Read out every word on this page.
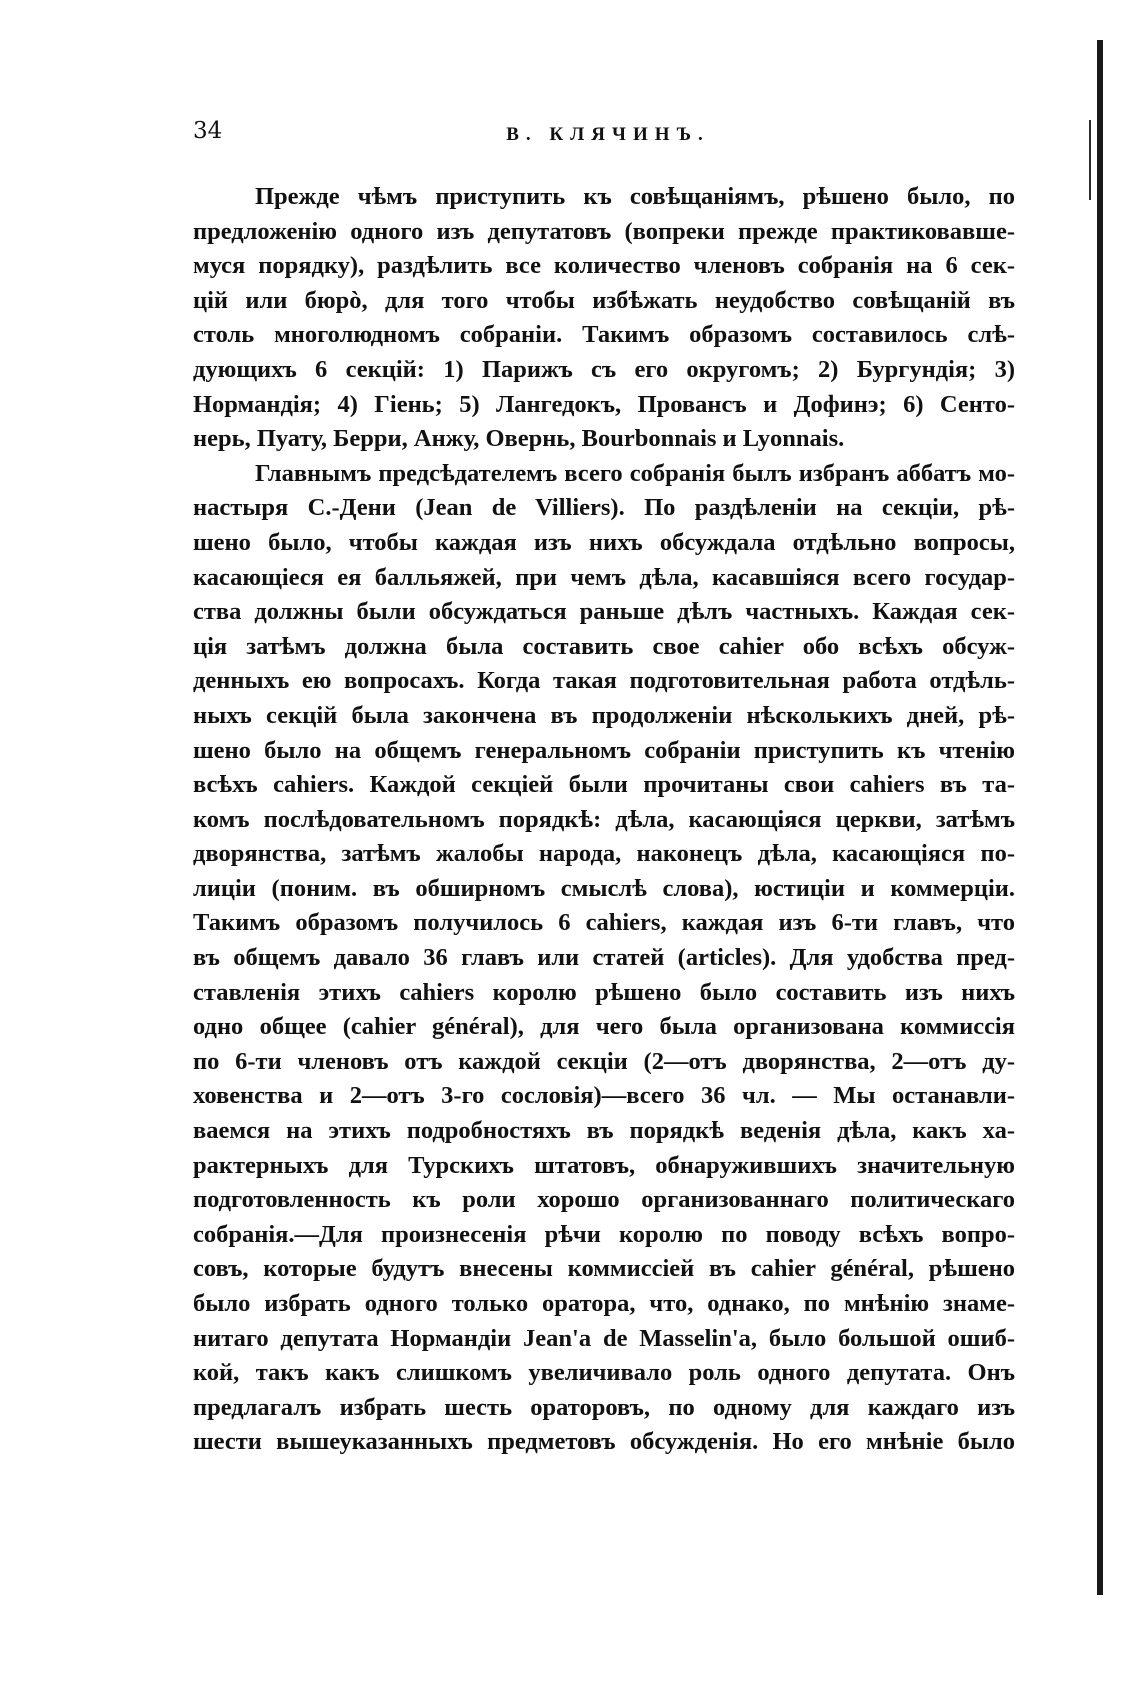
34	В. КЛЯЧИНЪ.
Прежде чѣмъ приступить къ совѣщаніямъ, рѣшено было, по
предложенію одного изъ депутатовъ (вопреки прежде практиковавше-
муся порядку), раздѣлить все количество членовъ собранія на 6 сек-
цій или бюрò, для того чтобы избѣжать неудобство совѣщаній въ
столь многолюдномъ собраніи. Такимъ образомъ составилось слѣ-
дующихъ 6 секцій: 1) Парижъ съ его округомъ; 2) Бургундія; 3)
Нормандія; 4) Гіень; 5) Лангедокъ, Провансъ и Дофинэ; 6) Сенто-
нерь, Пуату, Берри, Анжу, Овернь, Bourbonnais и Lyonnais.
Главнымъ предсѣдателемъ всего собранія былъ избранъ аббатъ мо-
настыря С.-Дени (Jean de Villiers). По раздѣленіи на секціи, рѣ-
шено было, чтобы каждая изъ нихъ обсуждала отдѣльно вопросы,
касающіеся ея балльяжей, при чемъ дѣла, касавшіяся всего государ-
ства должны были обсуждаться раньше дѣлъ частныхъ. Каждая сек-
ція затѣмъ должна была составить свое cahier обо всѣхъ обсуж-
денныхъ ею вопросахъ. Когда такая подготовительная работа отдѣль-
ныхъ секцій была закончена въ продолженіи нѣсколькихъ дней, рѣ-
шено было на общемъ генеральномъ собраніи приступить къ чтенію
всѣхъ cahiers. Каждой секціей были прочитаны свои cahiers въ та-
комъ послѣдовательномъ порядкѣ: дѣла, касающіяся церкви, затѣмъ
дворянства, затѣмъ жалобы народа, наконецъ дѣла, касающіяся по-
лиціи (поним. въ обширномъ смыслѣ слова), юстиціи и коммерціи.
Такимъ образомъ получилось 6 cahiers, каждая изъ 6-ти главъ, что
въ общемъ давало 36 главъ или статей (articles). Для удобства пред-
ставленія этихъ cahiers королю рѣшено было составить изъ нихъ
одно общее (cahier général), для чего была организована коммиссія
по 6-ти членовъ отъ каждой секціи (2—отъ дворянства, 2—отъ ду-
ховенства и 2—отъ 3-го сословія)—всего 36 чл. — Мы останавли-
ваемся на этихъ подробностяхъ въ порядкѣ веденія дѣла, какъ ха-
рактерныхъ для Турскихъ штатовъ, обнаружившихъ значительную
подготовленность къ роли хорошо организованнаго политическаго
собранія.—Для произнесенія рѣчи королю по поводу всѣхъ вопро-
совъ, которые будутъ внесены коммиссіей въ cahier général, рѣшено
было избрать одного только оратора, что, однако, по мнѣнію знаме-
нитаго депутата Нормандіи Jean'a de Masselin'a, было большой ошиб-
кой, такъ какъ слишкомъ увеличивало роль одного депутата. Онъ
предлагалъ избрать шесть ораторовъ, по одному для каждаго изъ
шести вышеуказанныхъ предметовъ обсужденія. Но его мнѣніе было
